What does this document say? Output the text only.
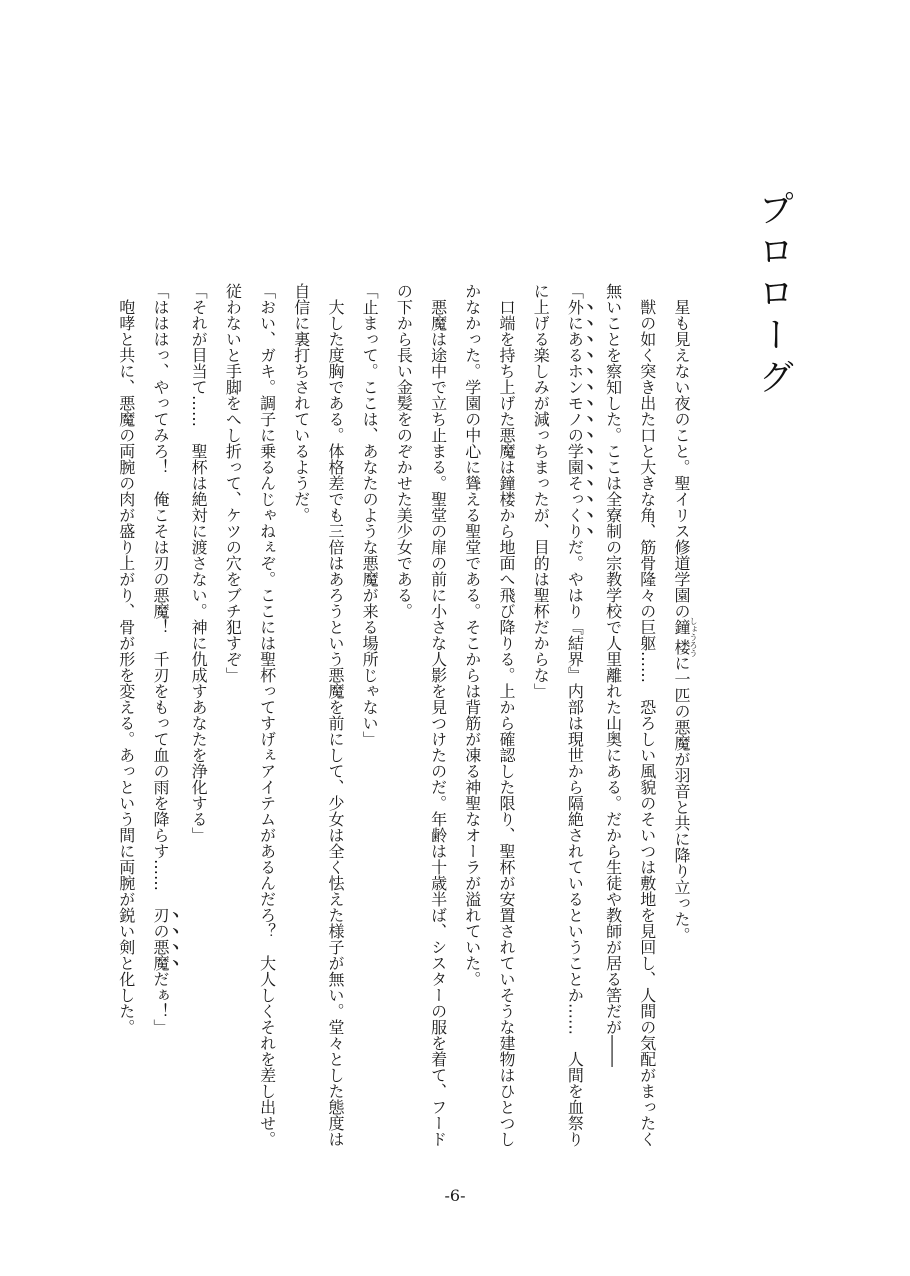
プロローグ
　星も見えない夜のこと。聖イリス修道学園の鐘楼しょうろうに一匹の悪魔が羽音と共に降り立った。
　獣の如く突き出た口と大きな角、筋骨隆々の巨躯……　恐ろしい風貌のそいつは敷地を見回し、人間の気配がまったく
無いことを察知した。ここは全寮制の宗教学校で人里離れた山奥にある。だから生徒や教師が居る筈だが――
「外にあるホンモノの学園そっくりだ。やはり『結界』内部は現世から隔絶されているということか……　人間を血祭り
に上げる楽しみが減っちまったが、目的は聖杯だからな」
　口端を持ち上げた悪魔は鐘楼から地面へ飛び降りる。上から確認した限り、聖杯が安置されていそうな建物はひとつし
かなかった。学園の中心に聳える聖堂である。そこからは背筋が凍る神聖なオーラが溢れていた。
　悪魔は途中で立ち止まる。聖堂の扉の前に小さな人影を見つけたのだ。年齢は十歳半ば、シスターの服を着て、フード
の下から長い金髪をのぞかせた美少女である。
「止まって。ここは、あなたのような悪魔が来る場所じゃない」
　大した度胸である。体格差でも三倍はあろうという悪魔を前にして、少女は全く怯えた様子が無い。堂々とした態度は
自信に裏打ちされているようだ。
「おい、ガキ。調子に乗るんじゃねぇぞ。ここには聖杯ってすげぇアイテムがあるんだろ？　大人しくそれを差し出せ。
従わないと手脚をへし折って、ケツの穴をブチ犯すぞ」
「それが目当て……　聖杯は絶対に渡さない。神に仇成すあなたを浄化する」
「はははっ、やってみろ！　俺こそは刃の悪魔！　千刃をもって血の雨を降らす……　刃の悪魔だぁ！」
　咆哮と共に、悪魔の両腕の肉が盛り上がり、骨が形を変える。あっという間に両腕が鋭い剣と化した。
-6-
